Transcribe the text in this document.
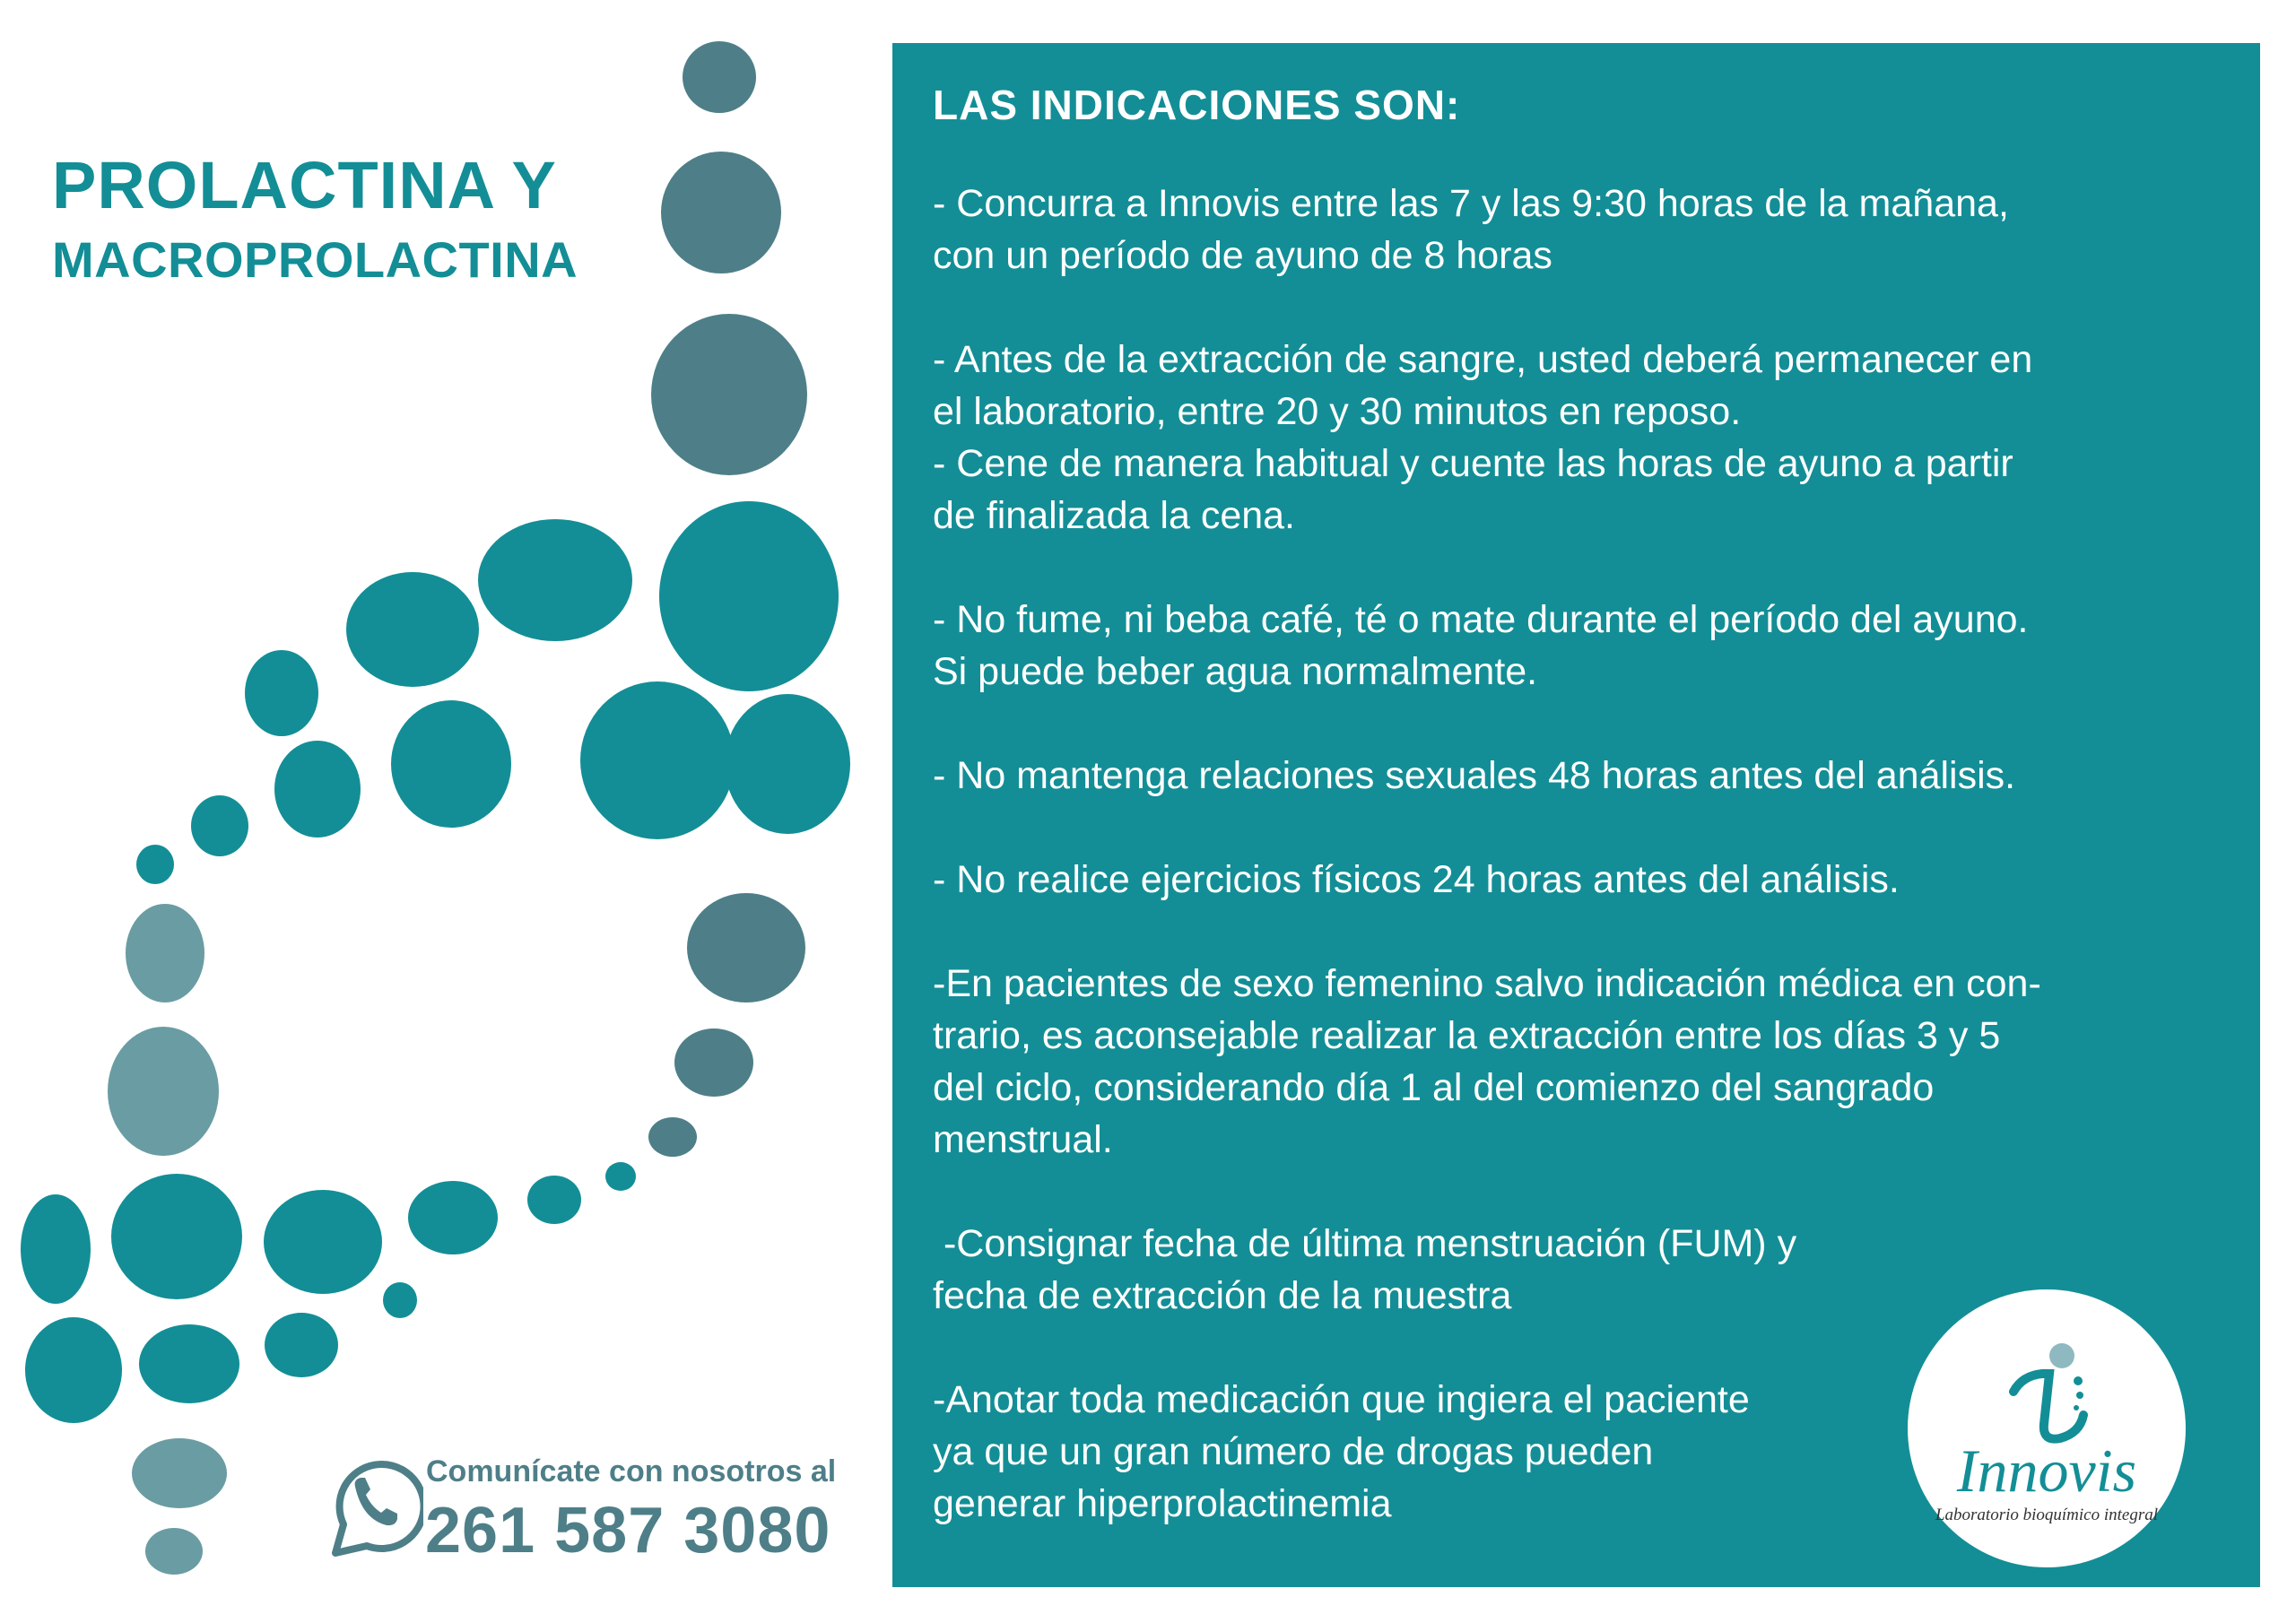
PROLACTINA Y
MACROPROLACTINA
Comunícate con nosotros al
261 587 3080
LAS INDICACIONES SON:

- Concurra a Innovis entre las 7 y las 9:30 horas de la mañana,
con un período de ayuno de 8 horas

- Antes de la extracción de sangre, usted deberá permanecer en
el laboratorio, entre 20 y 30 minutos en reposo.

- Cene de manera habitual y cuente las horas de ayuno a partir
de finalizada la cena.

- No fume, ni beba café, té o mate durante el período del ayuno.
Si puede beber agua normalmente.

- No mantenga relaciones sexuales 48 horas antes del análisis.

- No realice ejercicios físicos 24 horas antes del análisis.

-En pacientes de sexo femenino salvo indicación médica en con-
trario, es aconsejable realizar la extracción entre los días 3 y 5
del ciclo, considerando día 1 al del comienzo del sangrado
menstrual.

-Consignar fecha de última menstruación (FUM) y
fecha de extracción de la muestra

-Anotar toda medicación que ingiera el paciente
ya que un gran número de drogas pueden
generar hiperprolactinemia	Innovis
Laboratorio bioquímico integral
